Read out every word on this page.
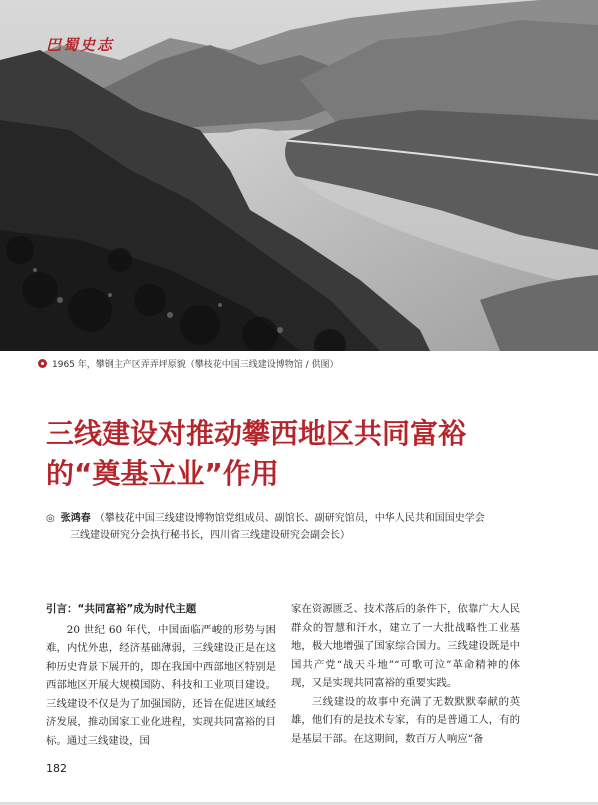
巴蜀史志
1965 年，攀钢主产区弄弄坪原貌（攀枝花中国三线建设博物馆 / 供图）
三线建设对推动攀西地区共同富裕
的“奠基立业”作用
◎ 张鸿春 （攀枝花中国三线建设博物馆党组成员、副馆长、副研究馆员，中华人民共和国国史学会
三线建设研究分会执行秘书长，四川省三线建设研究会副会长）
引言：“共同富裕”成为时代主题

20 世纪 60 年代，中国面临严峻的形势与困难，内忧外患，经济基础薄弱，三线建设正是在这种历史背景下展开的，即在我国中西部地区特别是西部地区开展大规模国防、科技和工业项目建设。三线建设不仅是为了加强国防，还旨在促进区域经济发展，推动国家工业化进程，实现共同富裕的目标。通过三线建设，国

家在资源匮乏、技术落后的条件下，依靠广大人民群众的智慧和汗水，建立了一大批战略性工业基地，极大地增强了国家综合国力。三线建设既是中国共产党“战天斗地”“可歌可泣”革命精神的体现，又是实现共同富裕的重要实践。

三线建设的故事中充满了无数默默奉献的英雄，他们有的是技术专家，有的是普通工人，有的是基层干部。在这期间，数百万人响应“备

182
